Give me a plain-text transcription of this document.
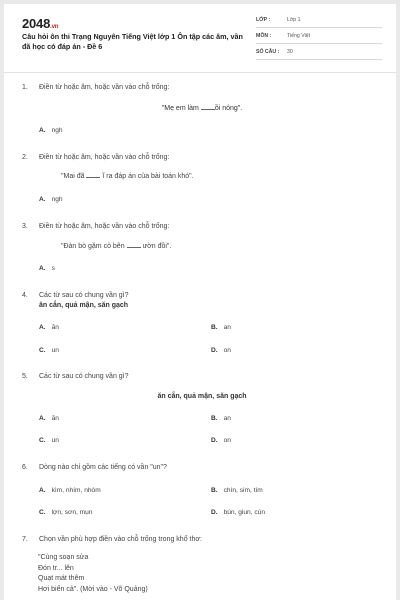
2048.vn
Câu hỏi ôn thi Trạng Nguyên Tiếng Việt lớp 1 Ôn tập các âm, vần đã học có đáp án - Đề 6
LỚP :	Lớp 1
MÔN :	Tiếng Việt
SỐ CÂU : 30
1. Điền từ hoặc âm, hoặc vần vào chỗ trống:
"Mẹ em làm ồi nóng".
A. ngh
2. Điền từ hoặc âm, hoặc vần vào chỗ trống:
"Mai đã  ĩ ra đáp án của bài toán khó".
A. ngh
3. Điền từ hoặc âm, hoặc vần vào chỗ trống:
"Đàn bò gặm cỏ bên  ườn đồi".
A. s
4. Các từ sau có chung vần gì?
ăn cắn, quả mận, săn gạch
A. ăn	B. an
C. un	D. on
5. Các từ sau có chung vần gì?
ăn cắn, quả mận, săn gạch
A. ăn	B. an
C. un	D. on
6. Dòng nào chỉ gồm các tiếng có vần "un"?
A. kìm, nhím, nhóm	B. chìn, sim, tím
C. lợn, sơn, mụn	D. bún, giun, cún
7. Chọn vần phù hợp điền vào chỗ trống trong khổ thơ:
"Cùng soạn sửa
Đón tr... lên
Quạt mát thêm
Hơi biển cả". (Mời vào - Võ Quảng)
